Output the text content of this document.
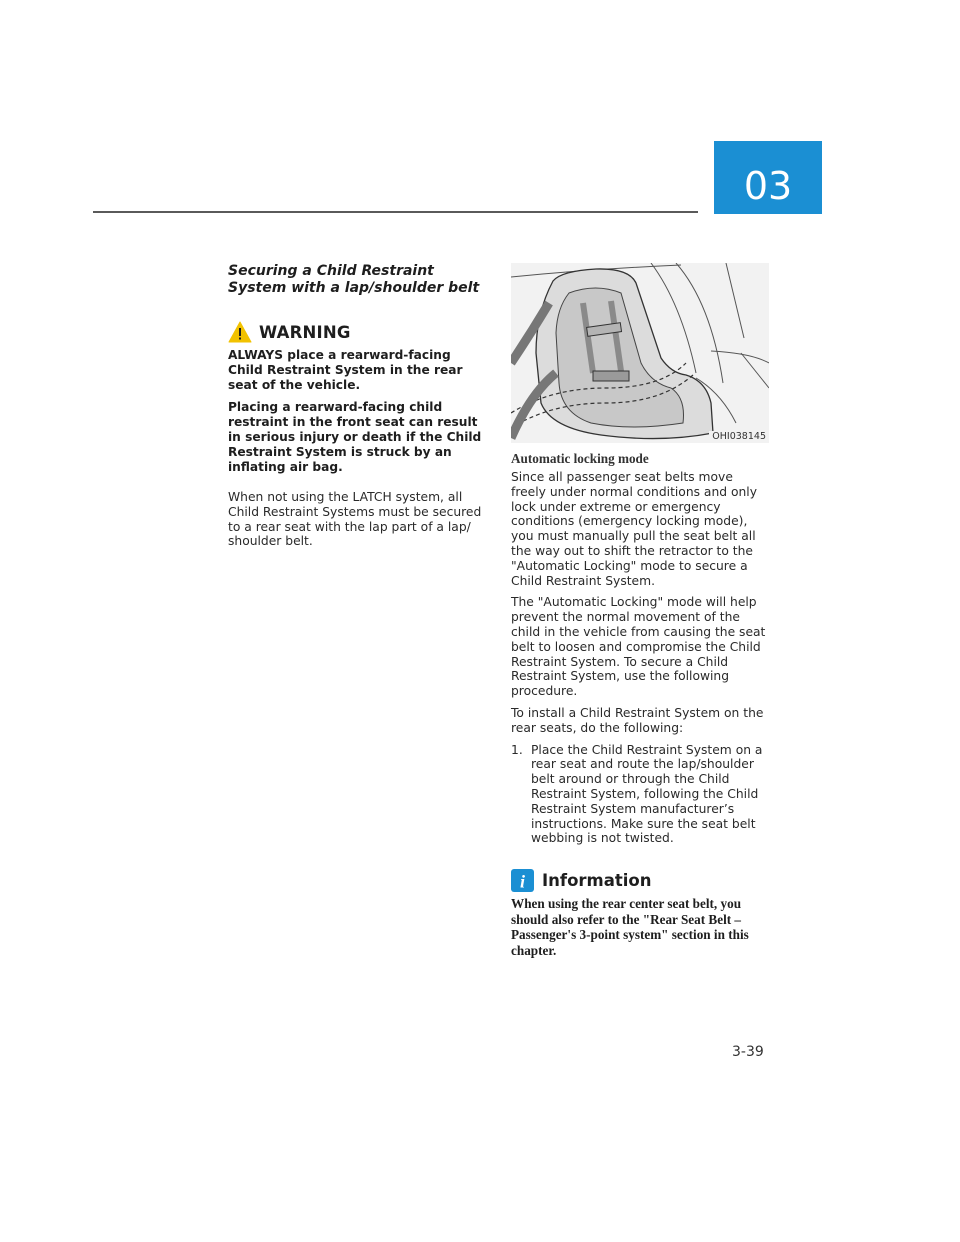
03
Securing a Child Restraint System with a lap/shoulder belt
WARNING

ALWAYS place a rearward-facing Child Restraint System in the rear seat of the vehicle.

Placing a rearward-facing child restraint in the front seat can result in serious injury or death if the Child Restraint System is struck by an inflating air bag.

When not using the LATCH system, all Child Restraint Systems must be secured to a rear seat with the lap part of a lap/ shoulder belt.

OHI038145
Automatic locking mode

Since all passenger seat belts move freely under normal conditions and only lock under extreme or emergency conditions (emergency locking mode), you must manually pull the seat belt all the way out to shift the retractor to the "Automatic Locking" mode to secure a Child Restraint System.

The "Automatic Locking" mode will help prevent the normal movement of the child in the vehicle from causing the seat belt to loosen and compromise the Child Restraint System. To secure a Child Restraint System, use the following procedure.

To install a Child Restraint System on the rear seats, do the following:

1. Place the Child Restraint System on a rear seat and route the lap/shoulder belt around or through the Child Restraint System, following the Child Restraint System manufacturer’s instructions. Make sure the seat belt webbing is not twisted.
i Information

When using the rear center seat belt, you should also refer to the "Rear Seat Belt – Passenger's 3-point system" section in this chapter.

3-39
